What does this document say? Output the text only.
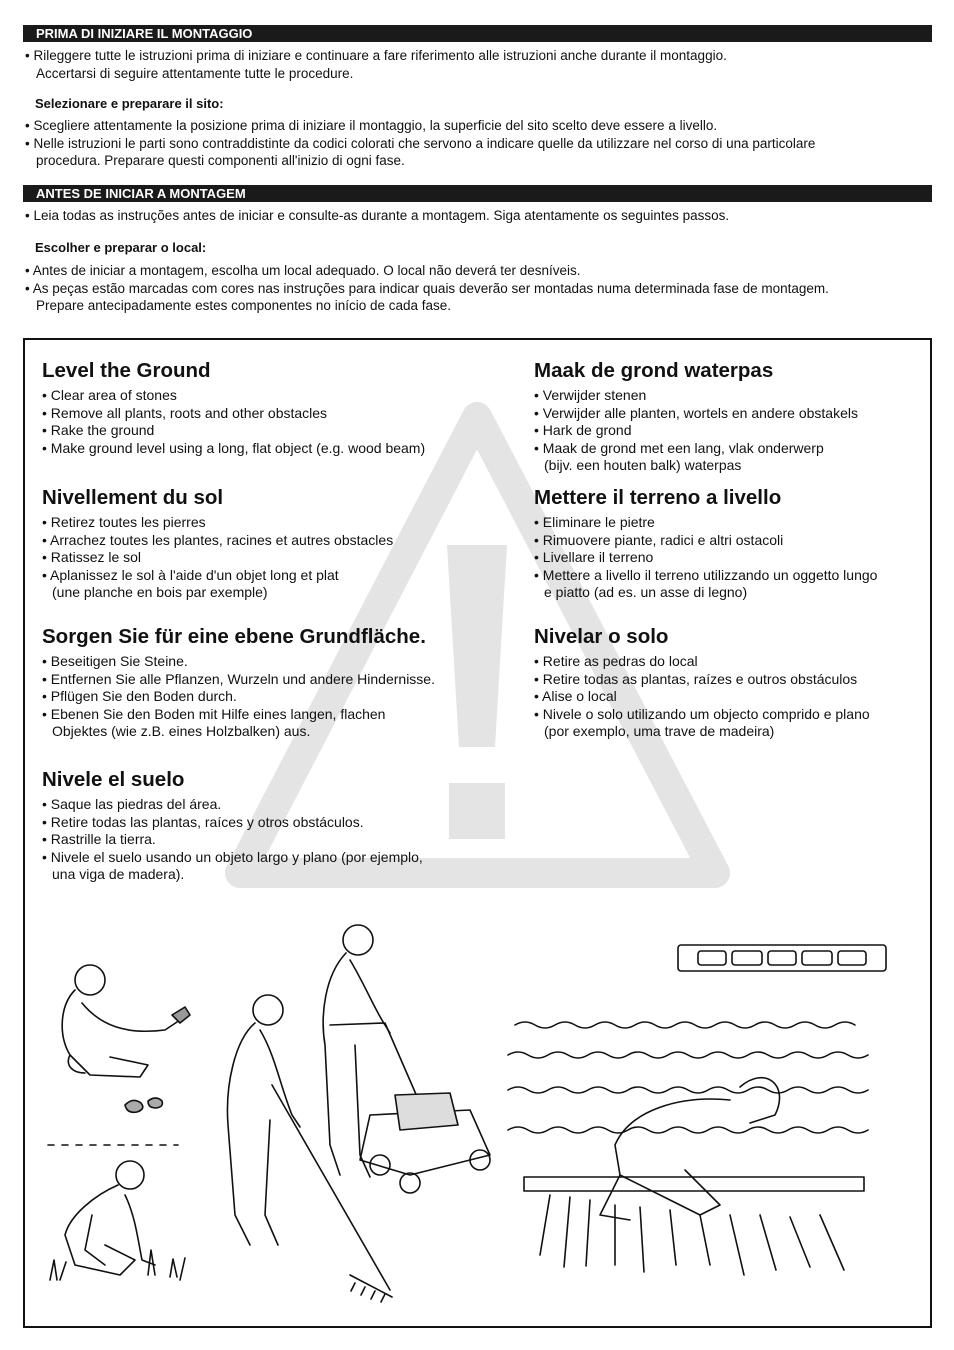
PRIMA DI INIZIARE IL MONTAGGIO
• Rileggere tutte le istruzioni prima di iniziare e continuare a fare riferimento alle istruzioni anche durante il montaggio.
Accertarsi di seguire attentamente tutte le procedure.
Selezionare e preparare il sito:
• Scegliere attentamente la posizione prima di iniziare il montaggio, la superficie del sito scelto deve essere a livello.
• Nelle istruzioni le parti sono contraddistinte da codici colorati che servono a indicare quelle da utilizzare nel corso di una particolare
procedura. Preparare questi componenti all'inizio di ogni fase.
ANTES DE INICIAR A MONTAGEM
• Leia todas as instruções antes de iniciar e consulte-as durante a montagem. Siga atentamente os seguintes passos.
Escolher e preparar o local:
• Antes de iniciar a montagem, escolha um local adequado. O local não deverá ter desníveis.
• As peças estão marcadas com cores nas instruções para indicar quais deverão ser montadas numa determinada fase de montagem.
Prepare antecipadamente estes componentes no início de cada fase.
Level the Ground
• Clear area of stones
• Remove all plants, roots and other obstacles
• Rake the ground
• Make ground level using a long, flat object (e.g. wood beam)
Nivellement du sol
• Retirez toutes les pierres
• Arrachez toutes les plantes, racines et autres obstacles
• Ratissez le sol
• Aplanissez le sol à l'aide d'un objet long et plat
(une planche en bois par exemple)
Sorgen Sie für eine ebene Grundfläche.
• Beseitigen Sie Steine.
• Entfernen Sie alle Pflanzen, Wurzeln und andere Hindernisse.
• Pflügen Sie den Boden durch.
• Ebenen Sie den Boden mit Hilfe eines langen, flachen
Objektes (wie z.B. eines Holzbalken) aus.
Nivele el suelo
• Saque las piedras del área.
• Retire todas las plantas, raíces y otros obstáculos.
• Rastrille la tierra.
• Nivele el suelo usando un objeto largo y plano (por ejemplo,
una viga de madera).
Maak de grond waterpas
• Verwijder stenen
• Verwijder alle planten, wortels en andere obstakels
• Hark de grond
• Maak de grond met een lang, vlak onderwerp
(bijv. een houten balk) waterpas
Mettere il terreno a livello
• Eliminare le pietre
• Rimuovere piante, radici e altri ostacoli
• Livellare il terreno
• Mettere a livello il terreno utilizzando un oggetto lungo
e piatto (ad es. un asse di legno)
Nivelar o solo
• Retire as pedras do local
• Retire todas as plantas, raízes e outros obstáculos
• Alise o local
• Nivele o solo utilizando um objecto comprido e plano
(por exemplo, uma trave de madeira)
